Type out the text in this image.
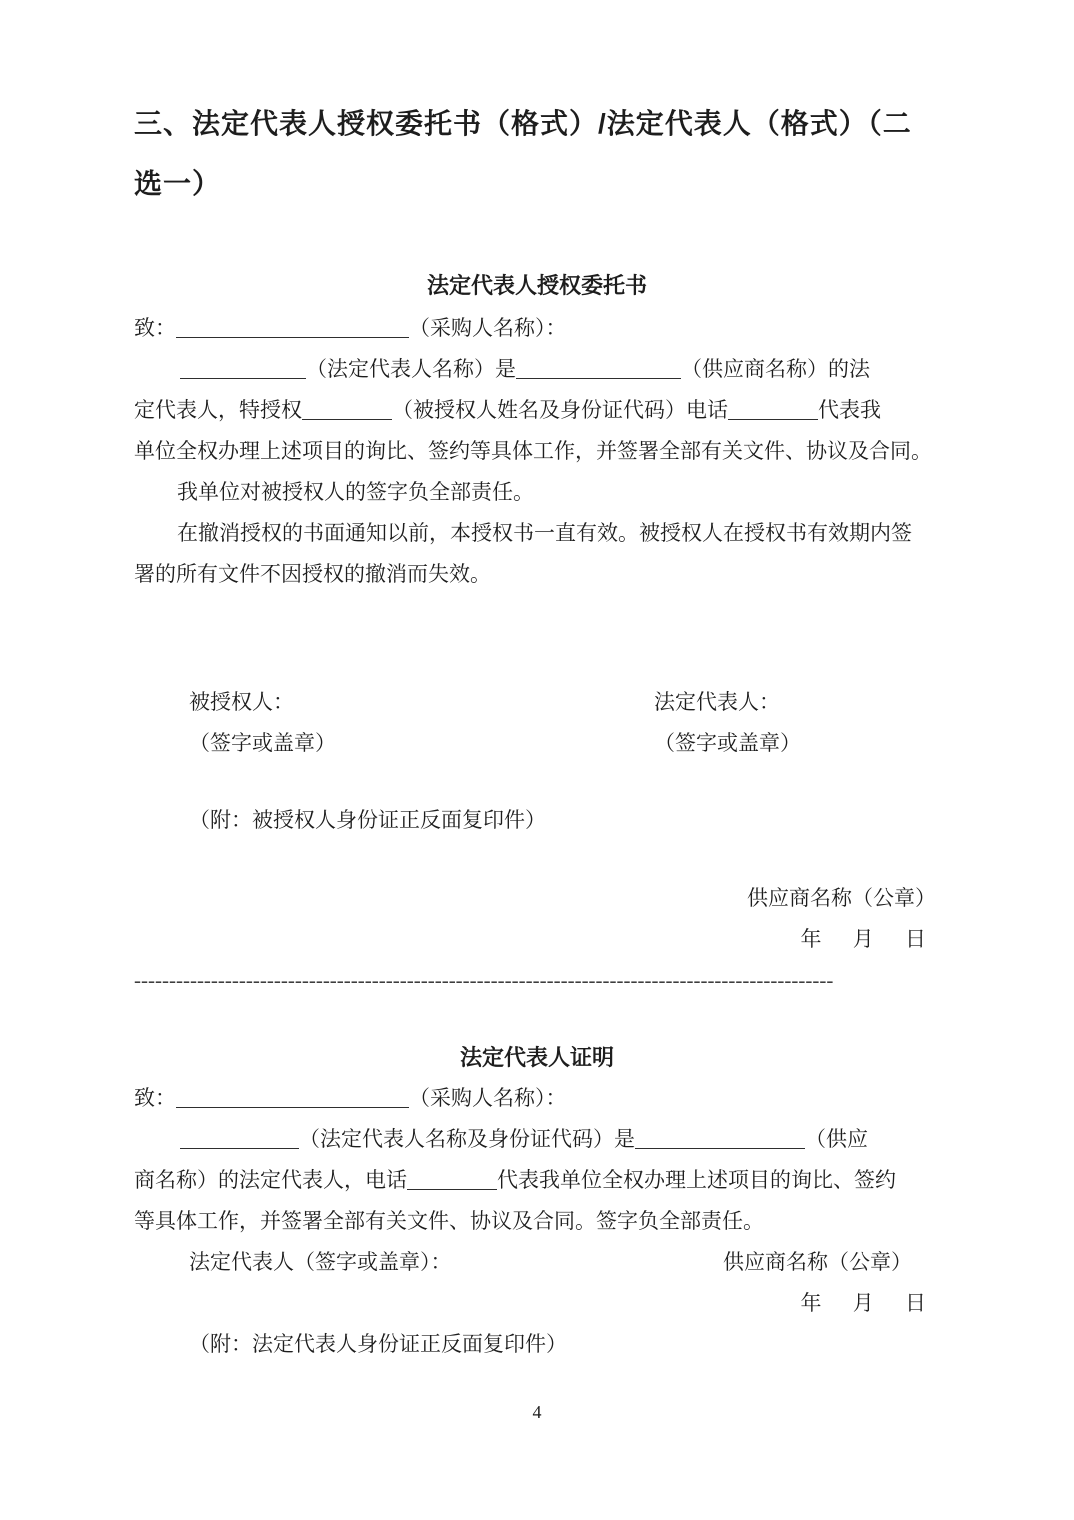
三、法定代表人授权委托书（格式）/法定代表人（格式）（二
选一）
法定代表人授权委托书
致：	（采购人名称）：
（法定代表人名称）是	（供应商名称）的法
定代表人，特授权	（被授权人姓名及身份证代码）电话	代表我
单位全权办理上述项目的询比、签约等具体工作，并签署全部有关文件、协议及合同。
我单位对被授权人的签字负全部责任。
在撤消授权的书面通知以前，本授权书一直有效。被授权人在授权书有效期内签
署的所有文件不因授权的撤消而失效。
被授权人：	法定代表人：
（签字或盖章）	（签字或盖章）
（附：被授权人身份证正反面复印件）
供应商名称（公章）
年 月 日
----------------------------------------------------------------------------------------------------
法定代表人证明
致：	（采购人名称）：
（法定代表人名称及身份证代码）是	（供应
商名称）的法定代表人，电话	代表我单位全权办理上述项目的询比、签约
等具体工作，并签署全部有关文件、协议及合同。签字负全部责任。
法定代表人（签字或盖章）：	供应商名称（公章）
年 月 日
（附：法定代表人身份证正反面复印件）
4
